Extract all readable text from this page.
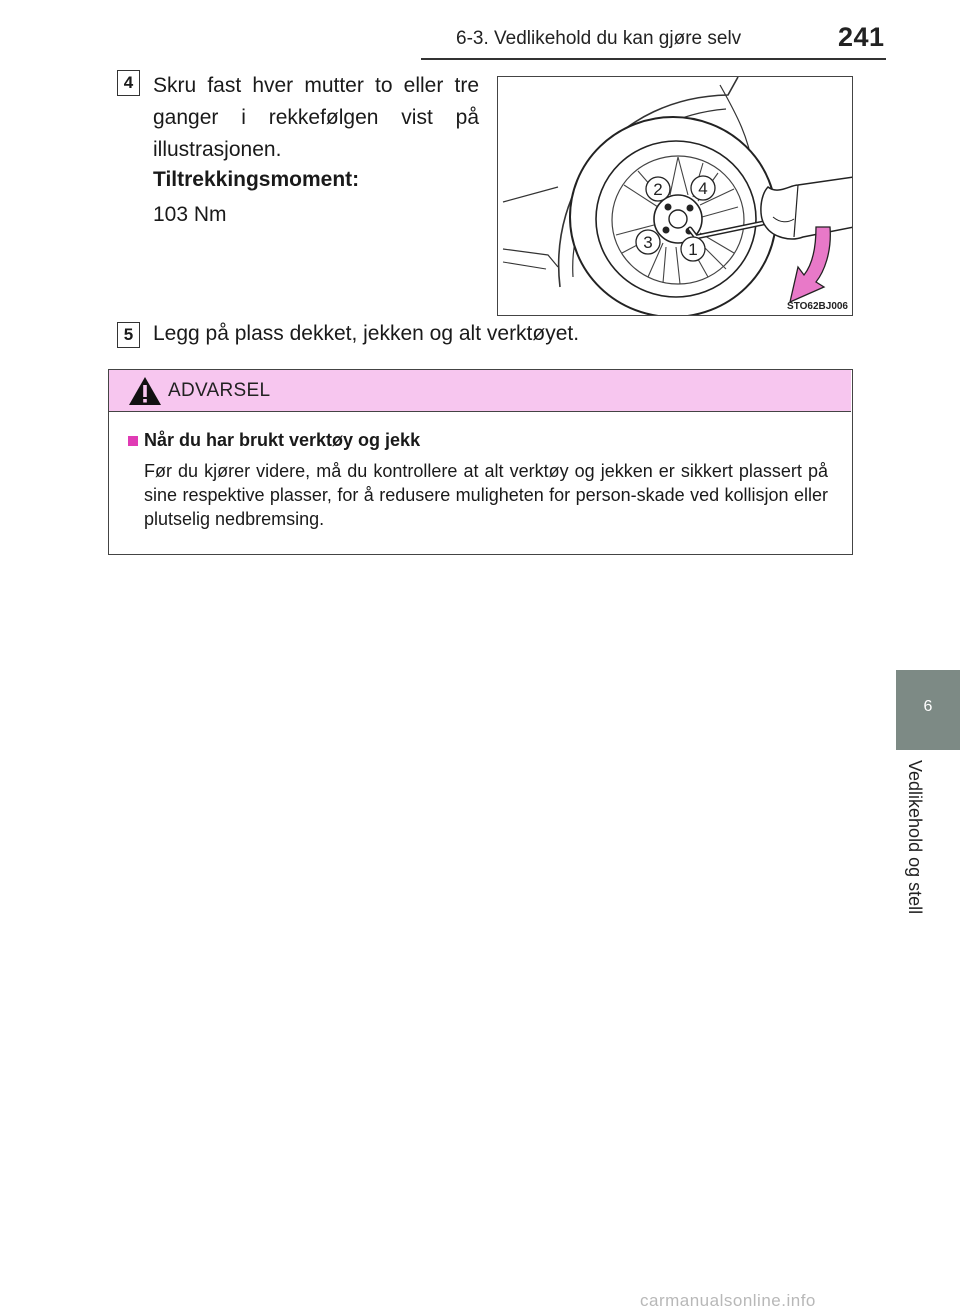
6-3. Vedlikehold du kan gjøre selv	241
4 Skru fast hver mutter to eller tre ganger i rekkefølgen vist på illustrasjonen.
Tiltrekkingsmoment:
103 Nm
2 4
3 1
STO62BJ006
5 Legg på plass dekket, jekken og alt verktøyet.
ADVARSEL
Når du har brukt verktøy og jekk
Før du kjører videre, må du kontrollere at alt verktøy og jekken er sikkert plassert på sine respektive plasser, for å redusere muligheten for person-skade ved kollisjon eller plutselig nedbremsing.
6
Vedlikehold og stell
carmanualsonline.info
